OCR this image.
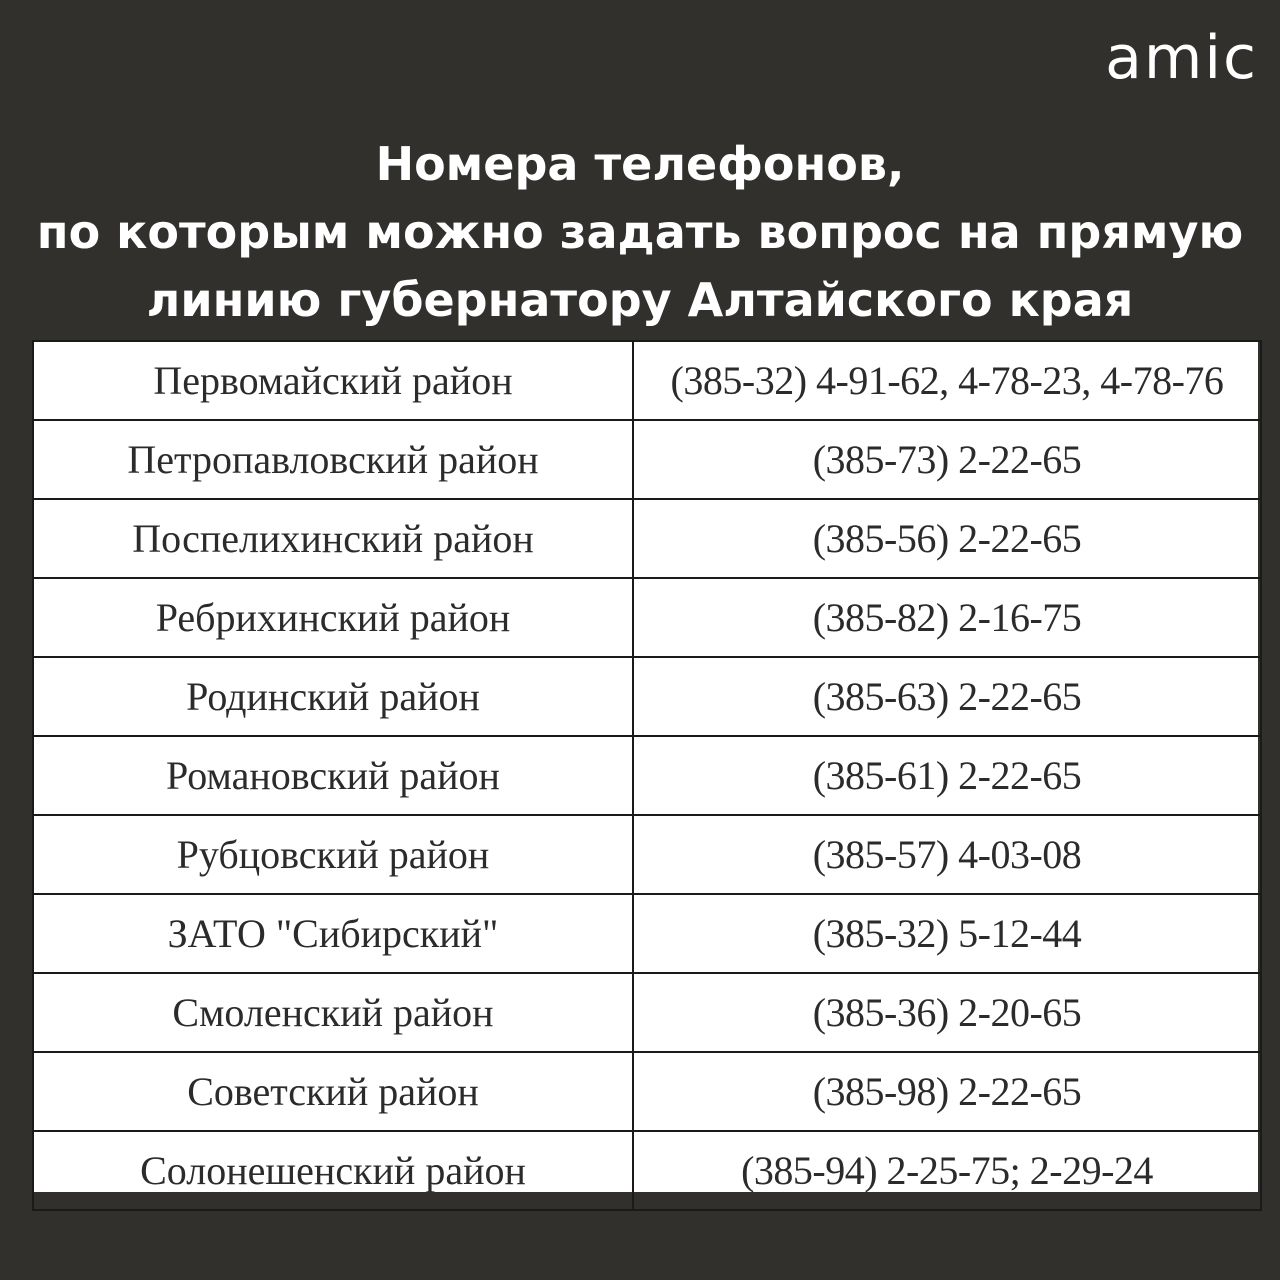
amic
Номера телефонов,
по которым можно задать вопрос на прямую
линию губернатору Алтайского края
Первомайский район	(385-32) 4-91-62, 4-78-23, 4-78-76
Петропавловский район	(385-73) 2-22-65
Поспелихинский район	(385-56) 2-22-65
Ребрихинский район	(385-82) 2-16-75
Родинский район	(385-63) 2-22-65
Романовский район	(385-61) 2-22-65
Рубцовский район	(385-57) 4-03-08
ЗАТО "Сибирский"	(385-32) 5-12-44
Смоленский район	(385-36) 2-20-65
Советский район	(385-98) 2-22-65
Солонешенский район	(385-94) 2-25-75; 2-29-24
